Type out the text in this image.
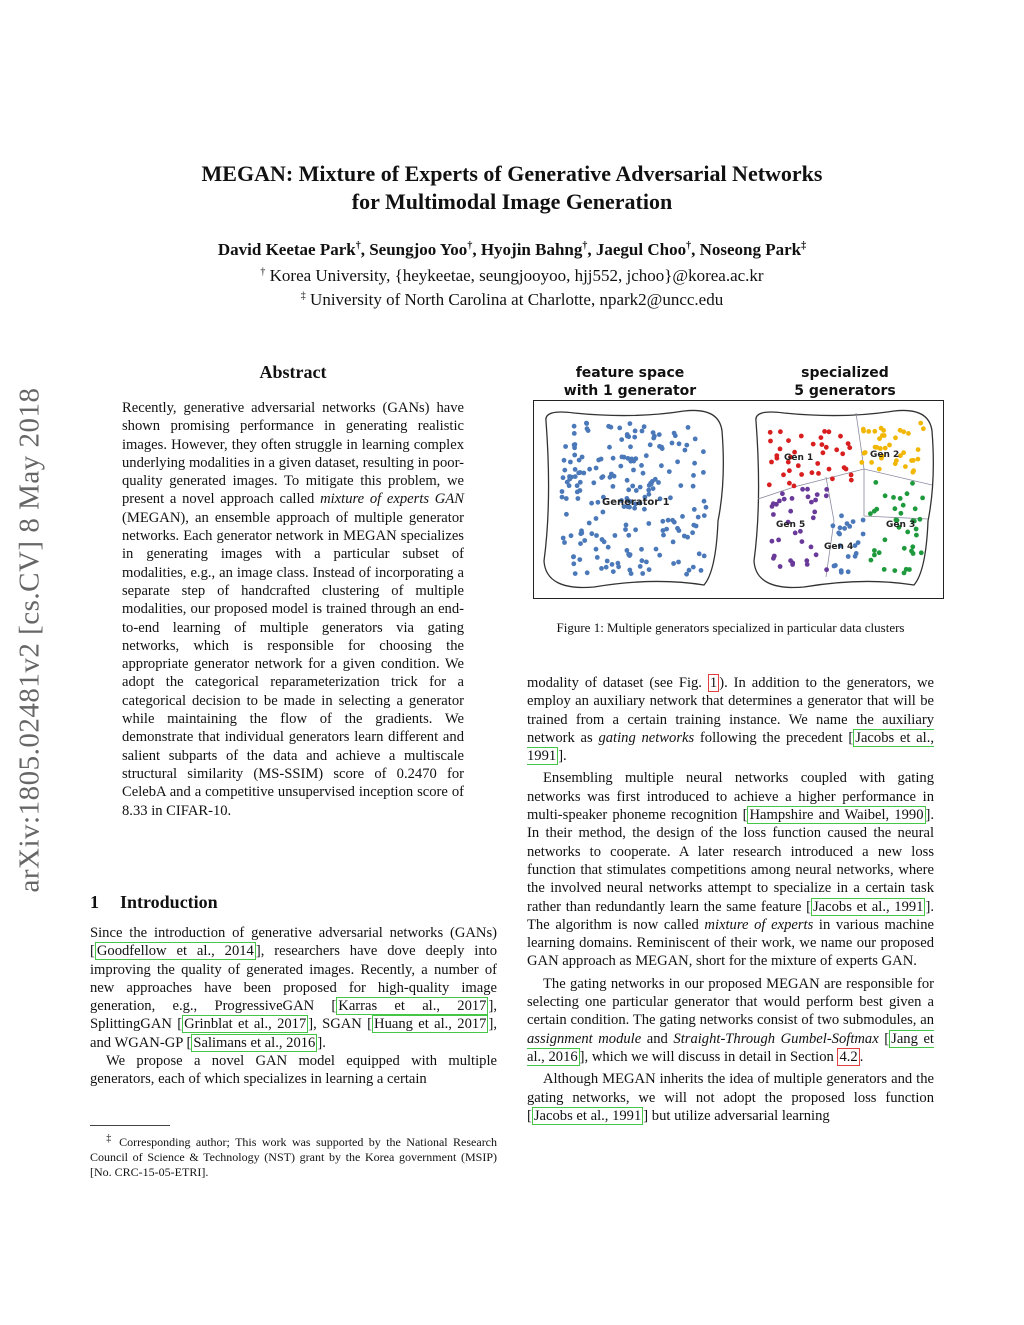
arXiv:1805.02481v2 [cs.CV] 8 May 2018
MEGAN: Mixture of Experts of Generative Adversarial Networks
for Multimodal Image Generation
David Keetae Park†, Seungjoo Yoo†, Hyojin Bahng†, Jaegul Choo†, Noseong Park‡
† Korea University, {heykeetae, seungjooyoo, hjj552, jchoo}@korea.ac.kr
‡ University of North Carolina at Charlotte, npark2@uncc.edu
Abstract
Recently, generative adversarial networks (GANs) have shown promising performance in generating realistic images. However, they often struggle in learning complex underlying modalities in a given dataset, resulting in poor-quality generated images. To mitigate this problem, we present a novel approach called mixture of experts GAN (MEGAN), an ensemble approach of multiple generator networks. Each generator network in MEGAN specializes in generating images with a particular subset of modalities, e.g., an image class. Instead of incorporating a separate step of handcrafted clustering of multiple modalities, our proposed model is trained through an end-to-end learning of multiple generators via gating networks, which is responsible for choosing the appropriate generator network for a given condition. We adopt the categorical reparameterization trick for a categorical decision to be made in selecting a generator while maintaining the flow of the gradients. We demonstrate that individual generators learn different and salient subparts of the data and achieve a multiscale structural similarity (MS-SSIM) score of 0.2470 for CelebA and a competitive unsupervised inception score of 8.33 in CIFAR-10.
1 Introduction

Since the introduction of generative adversarial networks (GANs) [ Goodfellow et al., 2014 ], researchers have dove deeply into improving the quality of generated images. Recently, a number of new approaches have been proposed for high-quality image generation, e.g., ProgressiveGAN [ Karras et al., 2017 ], SplittingGAN [ Grinblat et al., 2017 ], SGAN [ Huang et al., 2017 ], and WGAN-GP [ Salimans et al., 2016 ].

We propose a novel GAN model equipped with multiple generators, each of which specializes in learning a certain

‡ Corresponding author; This work was supported by the National Research Council of Science & Technology (NST) grant by the Korea government (MSIP) [No. CRC-15-05-ETRI].
feature space
with 1 generator
specialized
5 generators
Generator 1
Gen 1	Gen 2
Gen 3
Gen 4
Gen 5
Figure 1: Multiple generators specialized in particular data clusters

modality of dataset (see Fig. 1 ). In addition to the generators, we employ an auxiliary network that determines a generator that will be trained from a certain training instance. We name the auxiliary network as gating networks following the precedent [ Jacobs et al., 1991 ].

Ensembling multiple neural networks coupled with gating networks was first introduced to achieve a higher performance in multi-speaker phoneme recognition [ Hampshire and Waibel, 1990 ]. In their method, the design of the loss function caused the neural networks to cooperate. A later research introduced a new loss function that stimulates competitions among neural networks, where the involved neural networks attempt to specialize in a certain task rather than redundantly learn the same feature [ Jacobs et al., 1991 ]. The algorithm is now called mixture of experts in various machine learning domains. Reminiscent of their work, we name our proposed GAN approach as MEGAN, short for the mixture of experts GAN.

The gating networks in our proposed MEGAN are responsible for selecting one particular generator that would perform best given a certain condition. The gating networks consist of two submodules, an assignment module and Straight-Through Gumbel-Softmax [ Jang et al., 2016 ], which we will discuss in detail in Section 4.2 .

Although MEGAN inherits the idea of multiple generators and the gating networks, we will not adopt the proposed loss function [ Jacobs et al., 1991 ] but utilize adversarial learning
